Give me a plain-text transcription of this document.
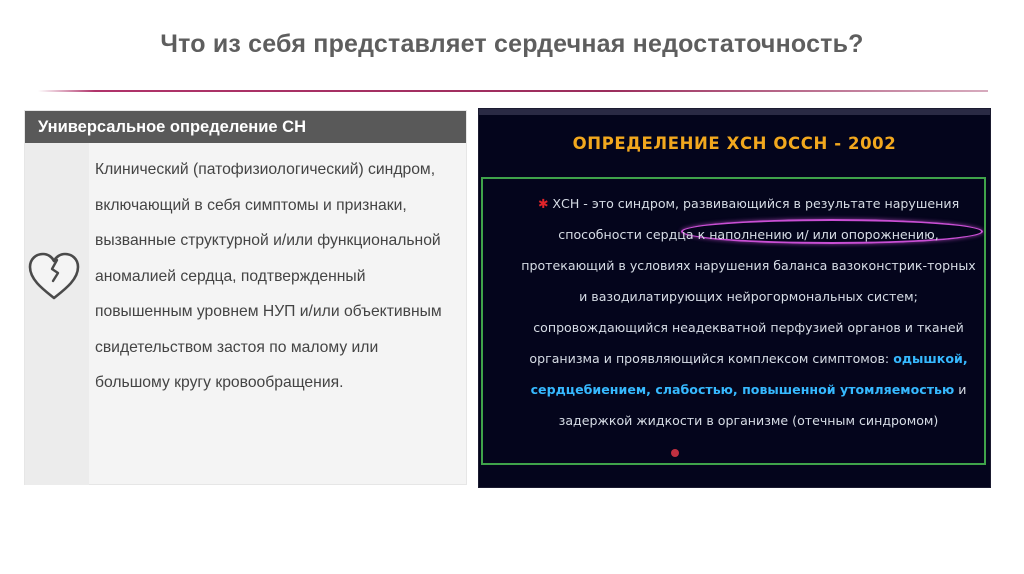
Что из себя представляет сердечная недостаточность?
Универсальное определение СН
Клинический (патофизиологический) синдром, включающий в себя симптомы и признаки, вызванные структурной и/или функциональной аномалией сердца, подтвержденный повышенным уровнем НУП и/или объективным свидетельством застоя по малому или большому кругу кровообращения.
ОПРЕДЕЛЕНИЕ ХСН ОССН - 2002
✱ ХСН - это синдром, развивающийся в результате нарушения способности сердца к наполнению и/ или опорожнению, протекающий в условиях нарушения баланса вазоконстрик-торных и вазодилатирующих нейрогормональных систем; сопровождающийся неадекватной перфузией органов и тканей организма и проявляющийся комплексом симптомов: одышкой, сердцебиением, слабостью, повышенной утомляемостью и задержкой жидкости в организме (отечным синдромом)
